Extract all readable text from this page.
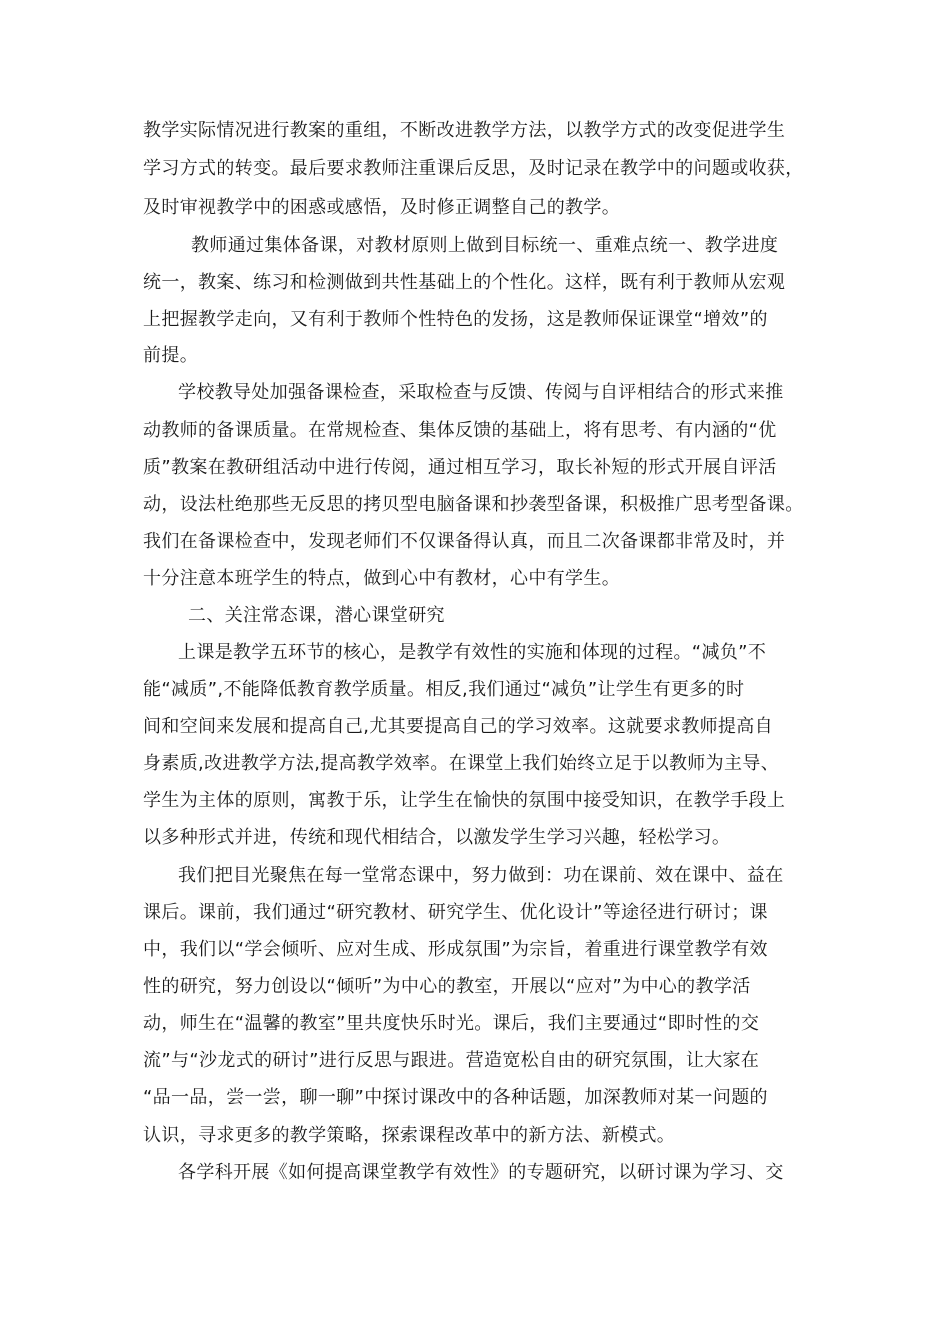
教学实际情况进行教案的重组，不断改进教学方法，以教学方式的改变促进学生
学习方式的转变。最后要求教师注重课后反思，及时记录在教学中的问题或收获，
及时审视教学中的困惑或感悟，及时修正调整自己的教学。
教师通过集体备课，对教材原则上做到目标统一、重难点统一、教学进度
统一，教案、练习和检测做到共性基础上的个性化。这样，既有利于教师从宏观
上把握教学走向，又有利于教师个性特色的发扬，这是教师保证课堂“增效”的
前提。
学校教导处加强备课检查，采取检查与反馈、传阅与自评相结合的形式来推
动教师的备课质量。在常规检查、集体反馈的基础上，将有思考、有内涵的“优
质”教案在教研组活动中进行传阅，通过相互学习，取长补短的形式开展自评活
动，设法杜绝那些无反思的拷贝型电脑备课和抄袭型备课，积极推广思考型备课。
我们在备课检查中，发现老师们不仅课备得认真，而且二次备课都非常及时，并
十分注意本班学生的特点，做到心中有教材，心中有学生。
二、关注常态课，潜心课堂研究
上课是教学五环节的核心，是教学有效性的实施和体现的过程。“减负”不
能“减质”,不能降低教育教学质量。相反,我们通过“减负”让学生有更多的时
间和空间来发展和提高自己,尤其要提高自己的学习效率。这就要求教师提高自
身素质,改进教学方法,提高教学效率。在课堂上我们始终立足于以教师为主导、
学生为主体的原则，寓教于乐，让学生在愉快的氛围中接受知识，在教学手段上
以多种形式并进，传统和现代相结合，以激发学生学习兴趣，轻松学习。
我们把目光聚焦在每一堂常态课中，努力做到：功在课前、效在课中、益在
课后。课前，我们通过“研究教材、研究学生、优化设计”等途径进行研讨；课
中，我们以“学会倾听、应对生成、形成氛围”为宗旨，着重进行课堂教学有效
性的研究，努力创设以“倾听”为中心的教室，开展以“应对”为中心的教学活
动，师生在“温馨的教室”里共度快乐时光。课后，我们主要通过“即时性的交
流”与“沙龙式的研讨”进行反思与跟进。营造宽松自由的研究氛围，让大家在
“品一品，尝一尝，聊一聊”中探讨课改中的各种话题，加深教师对某一问题的
认识，寻求更多的教学策略，探索课程改革中的新方法、新模式。
各学科开展《如何提高课堂教学有效性》的专题研究，以研讨课为学习、交
